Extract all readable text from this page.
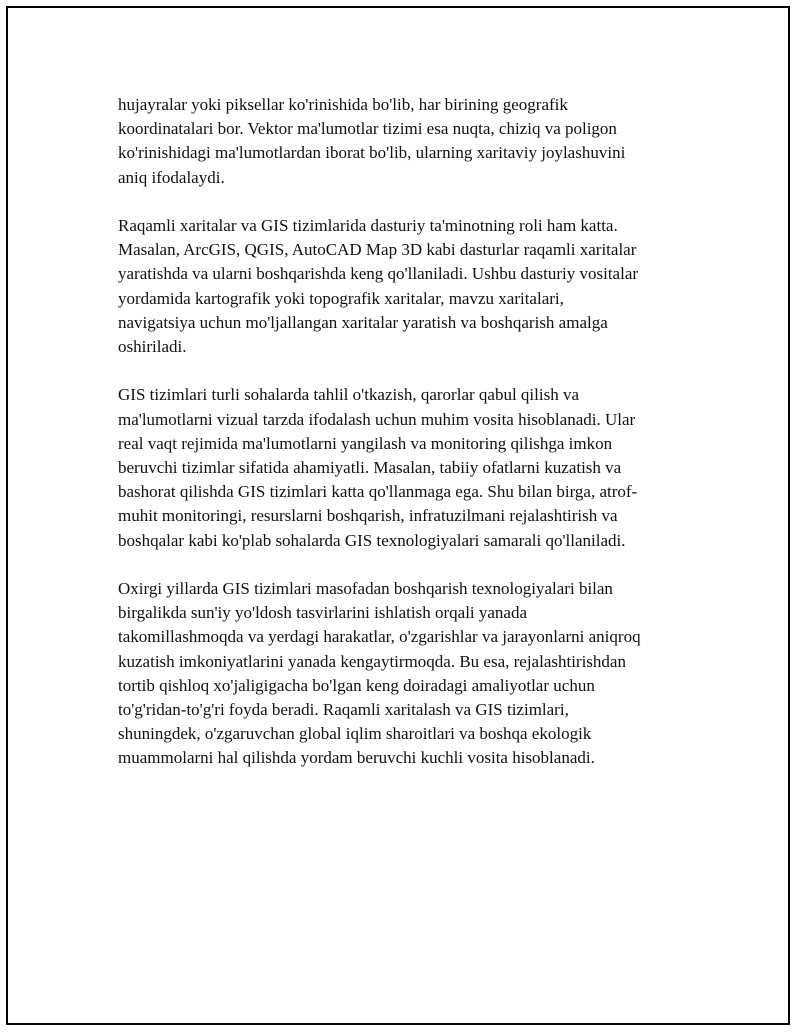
hujayralar yoki piksellar ko'rinishida bo'lib, har birining geografik
koordinatalari bor. Vektor ma'lumotlar tizimi esa nuqta, chiziq va poligon
ko'rinishidagi ma'lumotlardan iborat bo'lib, ularning xaritaviy joylashuvini
aniq ifodalaydi.

Raqamli xaritalar va GIS tizimlarida dasturiy ta'minotning roli ham katta.
Masalan, ArcGIS, QGIS, AutoCAD Map 3D kabi dasturlar raqamli xaritalar
yaratishda va ularni boshqarishda keng qo'llaniladi. Ushbu dasturiy vositalar
yordamida kartografik yoki topografik xaritalar, mavzu xaritalari,
navigatsiya uchun mo'ljallangan xaritalar yaratish va boshqarish amalga
oshiriladi.

GIS tizimlari turli sohalarda tahlil o'tkazish, qarorlar qabul qilish va
ma'lumotlarni vizual tarzda ifodalash uchun muhim vosita hisoblanadi. Ular
real vaqt rejimida ma'lumotlarni yangilash va monitoring qilishga imkon
beruvchi tizimlar sifatida ahamiyatli. Masalan, tabiiy ofatlarni kuzatish va
bashorat qilishda GIS tizimlari katta qo'llanmaga ega. Shu bilan birga, atrof-
muhit monitoringi, resurslarni boshqarish, infratuzilmani rejalashtirish va
boshqalar kabi ko'plab sohalarda GIS texnologiyalari samarali qo'llaniladi.

Oxirgi yillarda GIS tizimlari masofadan boshqarish texnologiyalari bilan
birgalikda sun'iy yo'ldosh tasvirlarini ishlatish orqali yanada
takomillashmoqda va yerdagi harakatlar, o'zgarishlar va jarayonlarni aniqroq
kuzatish imkoniyatlarini yanada kengaytirmoqda. Bu esa, rejalashtirishdan
tortib qishloq xo'jaligigacha bo'lgan keng doiradagi amaliyotlar uchun
to'g'ridan-to'g'ri foyda beradi. Raqamli xaritalash va GIS tizimlari,
shuningdek, o'zgaruvchan global iqlim sharoitlari va boshqa ekologik
muammolarni hal qilishda yordam beruvchi kuchli vosita hisoblanadi.
